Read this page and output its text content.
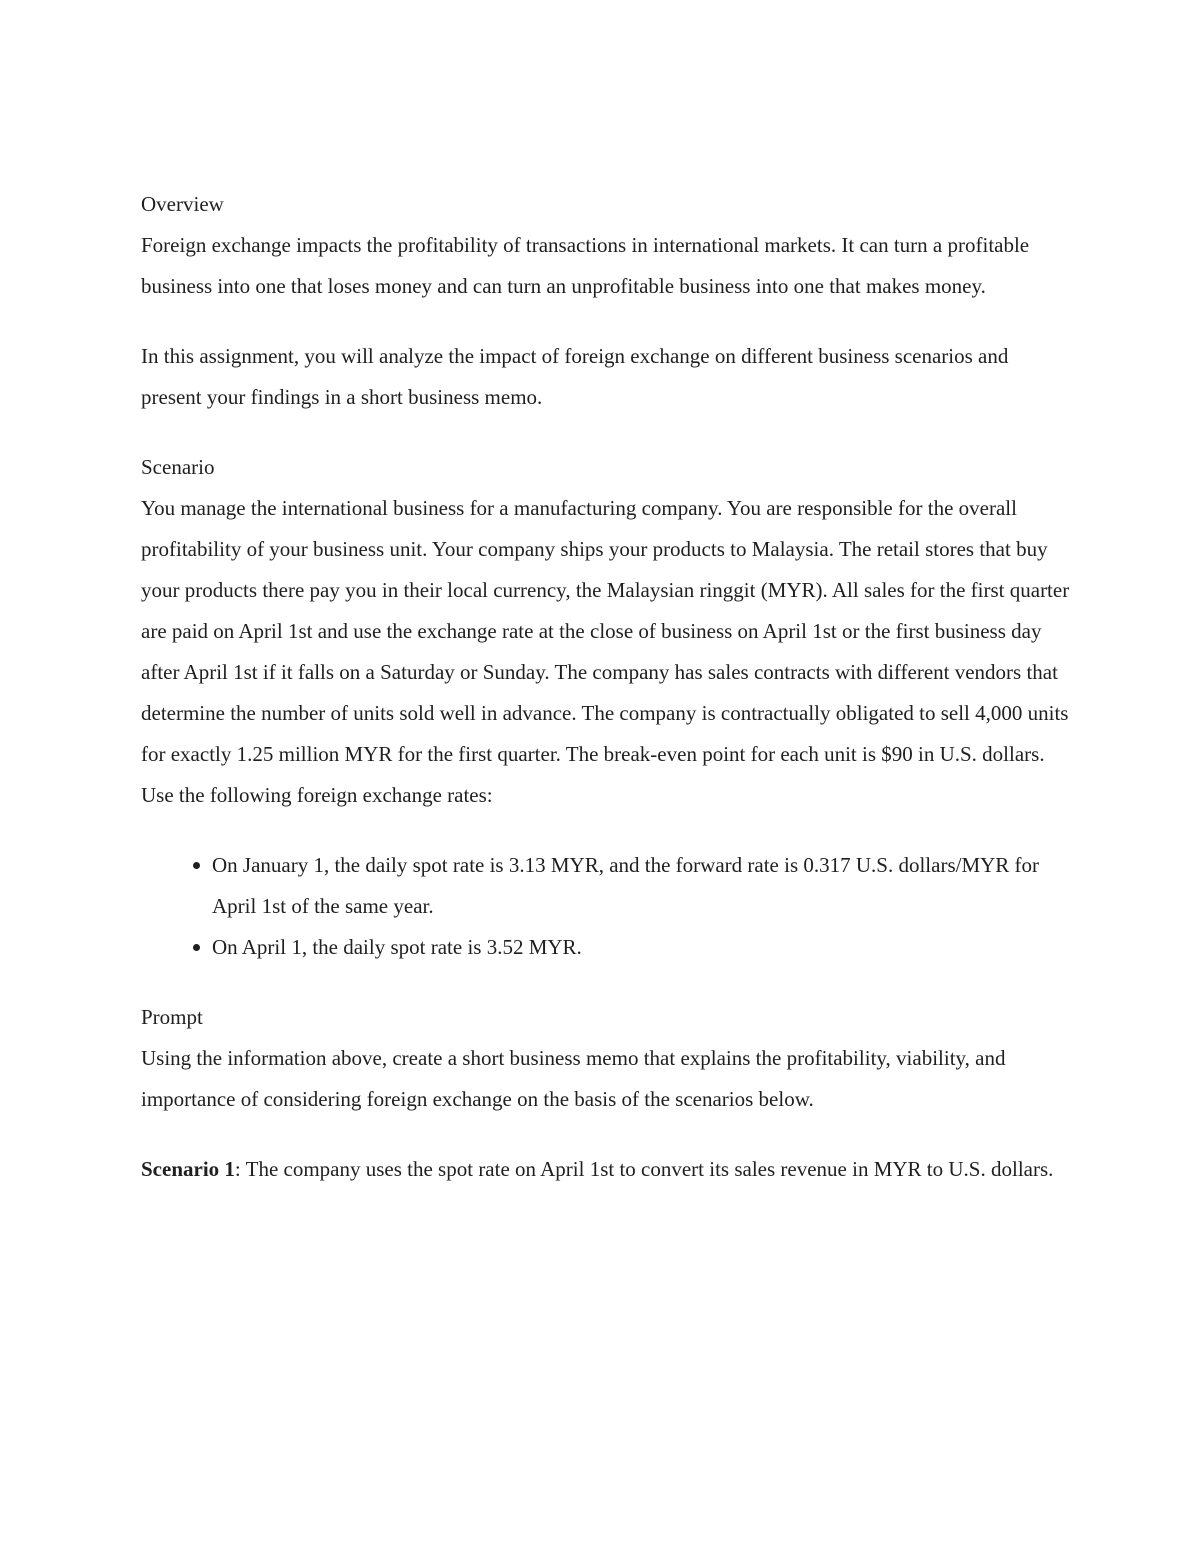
Overview

Foreign exchange impacts the profitability of transactions in international markets. It can turn a profitable business into one that loses money and can turn an unprofitable business into one that makes money.

In this assignment, you will analyze the impact of foreign exchange on different business scenarios and present your findings in a short business memo.

Scenario

You manage the international business for a manufacturing company. You are responsible for the overall profitability of your business unit. Your company ships your products to Malaysia. The retail stores that buy your products there pay you in their local currency, the Malaysian ringgit (MYR). All sales for the first quarter are paid on April 1st and use the exchange rate at the close of business on April 1st or the first business day after April 1st if it falls on a Saturday or Sunday. The company has sales contracts with different vendors that determine the number of units sold well in advance. The company is contractually obligated to sell 4,000 units for exactly 1.25 million MYR for the first quarter. The break-even point for each unit is $90 in U.S. dollars. Use the following foreign exchange rates:

On January 1, the daily spot rate is 3.13 MYR, and the forward rate is 0.317 U.S. dollars/MYR for April 1st of the same year.
On April 1, the daily spot rate is 3.52 MYR.
Prompt

Using the information above, create a short business memo that explains the profitability, viability, and importance of considering foreign exchange on the basis of the scenarios below.

Scenario 1: The company uses the spot rate on April 1st to convert its sales revenue in MYR to U.S. dollars.
